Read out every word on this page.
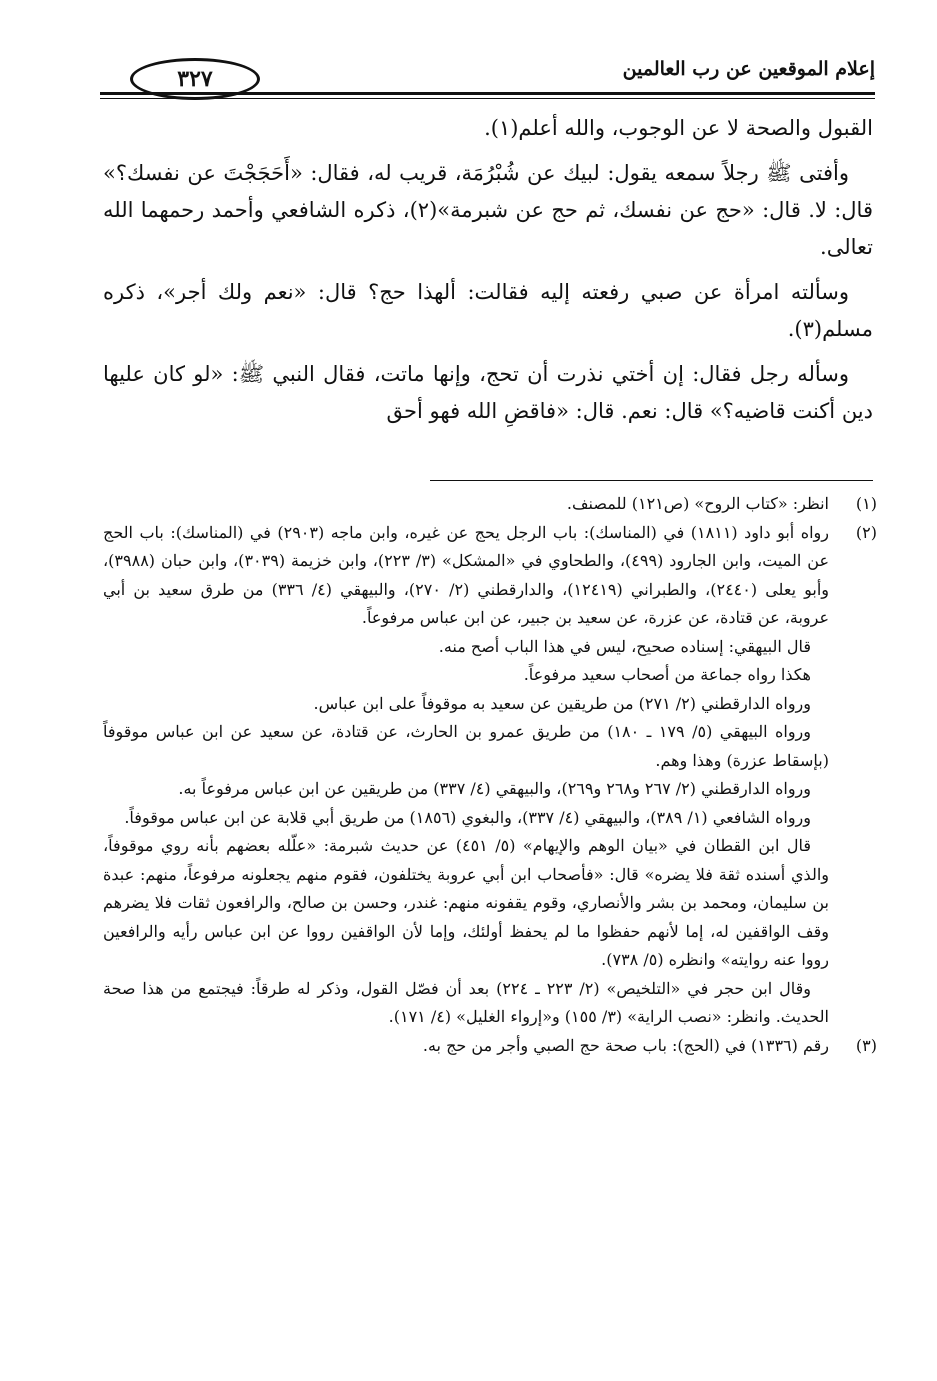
٣٢٧	إعلام الموقعين عن رب العالمين

القبول والصحة لا عن الوجوب، والله أعلم(١).

وأفتى ﷺ رجلاً سمعه يقول: لبيك عن شُبْرُمَة، قريب له، فقال: «أَحَجَجْتَ عن نفسك؟» قال: لا. قال: «حج عن نفسك، ثم حج عن شبرمة»(٢)، ذكره الشافعي وأحمد رحمهما الله تعالى.

وسألته امرأة عن صبي رفعته إليه فقالت: ألهذا حج؟ قال: «نعم ولك أجر»، ذكره مسلم(٣).

وسأله رجل فقال: إن أختي نذرت أن تحج، وإنها ماتت، فقال النبي ﷺ: «لو كان عليها دين أكنت قاضيه؟» قال: نعم. قال: «فاقضِ الله فهو أحق

(١)

انظر: «كتاب الروح» (ص١٢١) للمصنف.

(٢)

رواه أبو داود (١٨١١) في (المناسك): باب الرجل يحج عن غيره، وابن ماجه (٢٩٠٣) في (المناسك): باب الحج عن الميت، وابن الجارود (٤٩٩)، والطحاوي في «المشكل» (٣/ ٢٢٣)، وابن خزيمة (٣٠٣٩)، وابن حبان (٣٩٨٨)، وأبو يعلى (٢٤٤٠)، والطبراني (١٢٤١٩)، والدارقطني (٢/ ٢٧٠)، والبيهقي (٤/ ٣٣٦) من طرق سعيد بن أبي عروبة، عن قتادة، عن عزرة، عن سعيد بن جبير، عن ابن عباس مرفوعاً.

قال البيهقي: إسناده صحيح، ليس في هذا الباب أصح منه.

هكذا رواه جماعة من أصحاب سعيد مرفوعاً.

ورواه الدارقطني (٢/ ٢٧١) من طريقين عن سعيد به موقوفاً على ابن عباس.

ورواه البيهقي (٥/ ١٧٩ ـ ١٨٠) من طريق عمرو بن الحارث، عن قتادة، عن سعيد عن ابن عباس موقوفاً (بإسقاط عزرة) وهذا وهم.

ورواه الدارقطني (٢/ ٢٦٧ و٢٦٨ و٢٦٩)، والبيهقي (٤/ ٣٣٧) من طريقين عن ابن عباس مرفوعاً به.

ورواه الشافعي (١/ ٣٨٩)، والبيهقي (٤/ ٣٣٧)، والبغوي (١٨٥٦) من طريق أبي قلابة عن ابن عباس موقوفاً.

قال ابن القطان في «بيان الوهم والإيهام» (٥/ ٤٥١) عن حديث شبرمة: «علّله بعضهم بأنه روي موقوفاً، والذي أسنده ثقة فلا يضره» قال: «فأصحاب ابن أبي عروبة يختلفون، فقوم منهم يجعلونه مرفوعاً، منهم: عبدة بن سليمان، ومحمد بن بشر والأنصاري، وقوم يقفونه منهم: غندر، وحسن بن صالح، والرافعون ثقات فلا يضرهم وقف الواقفين له، إما لأنهم حفظوا ما لم يحفظ أولئك، وإما لأن الواقفين رووا عن ابن عباس رأيه والرافعين رووا عنه روايته» وانظره (٥/ ٧٣٨).

وقال ابن حجر في «التلخيص» (٢/ ٢٢٣ ـ ٢٢٤) بعد أن فصّل القول، وذكر له طرقاً: فيجتمع من هذا صحة الحديث. وانظر: «نصب الراية» (٣/ ١٥٥) و«إرواء الغليل» (٤/ ١٧١).

(٣)

رقم (١٣٣٦) في (الحج): باب صحة حج الصبي وأجر من حج به.
